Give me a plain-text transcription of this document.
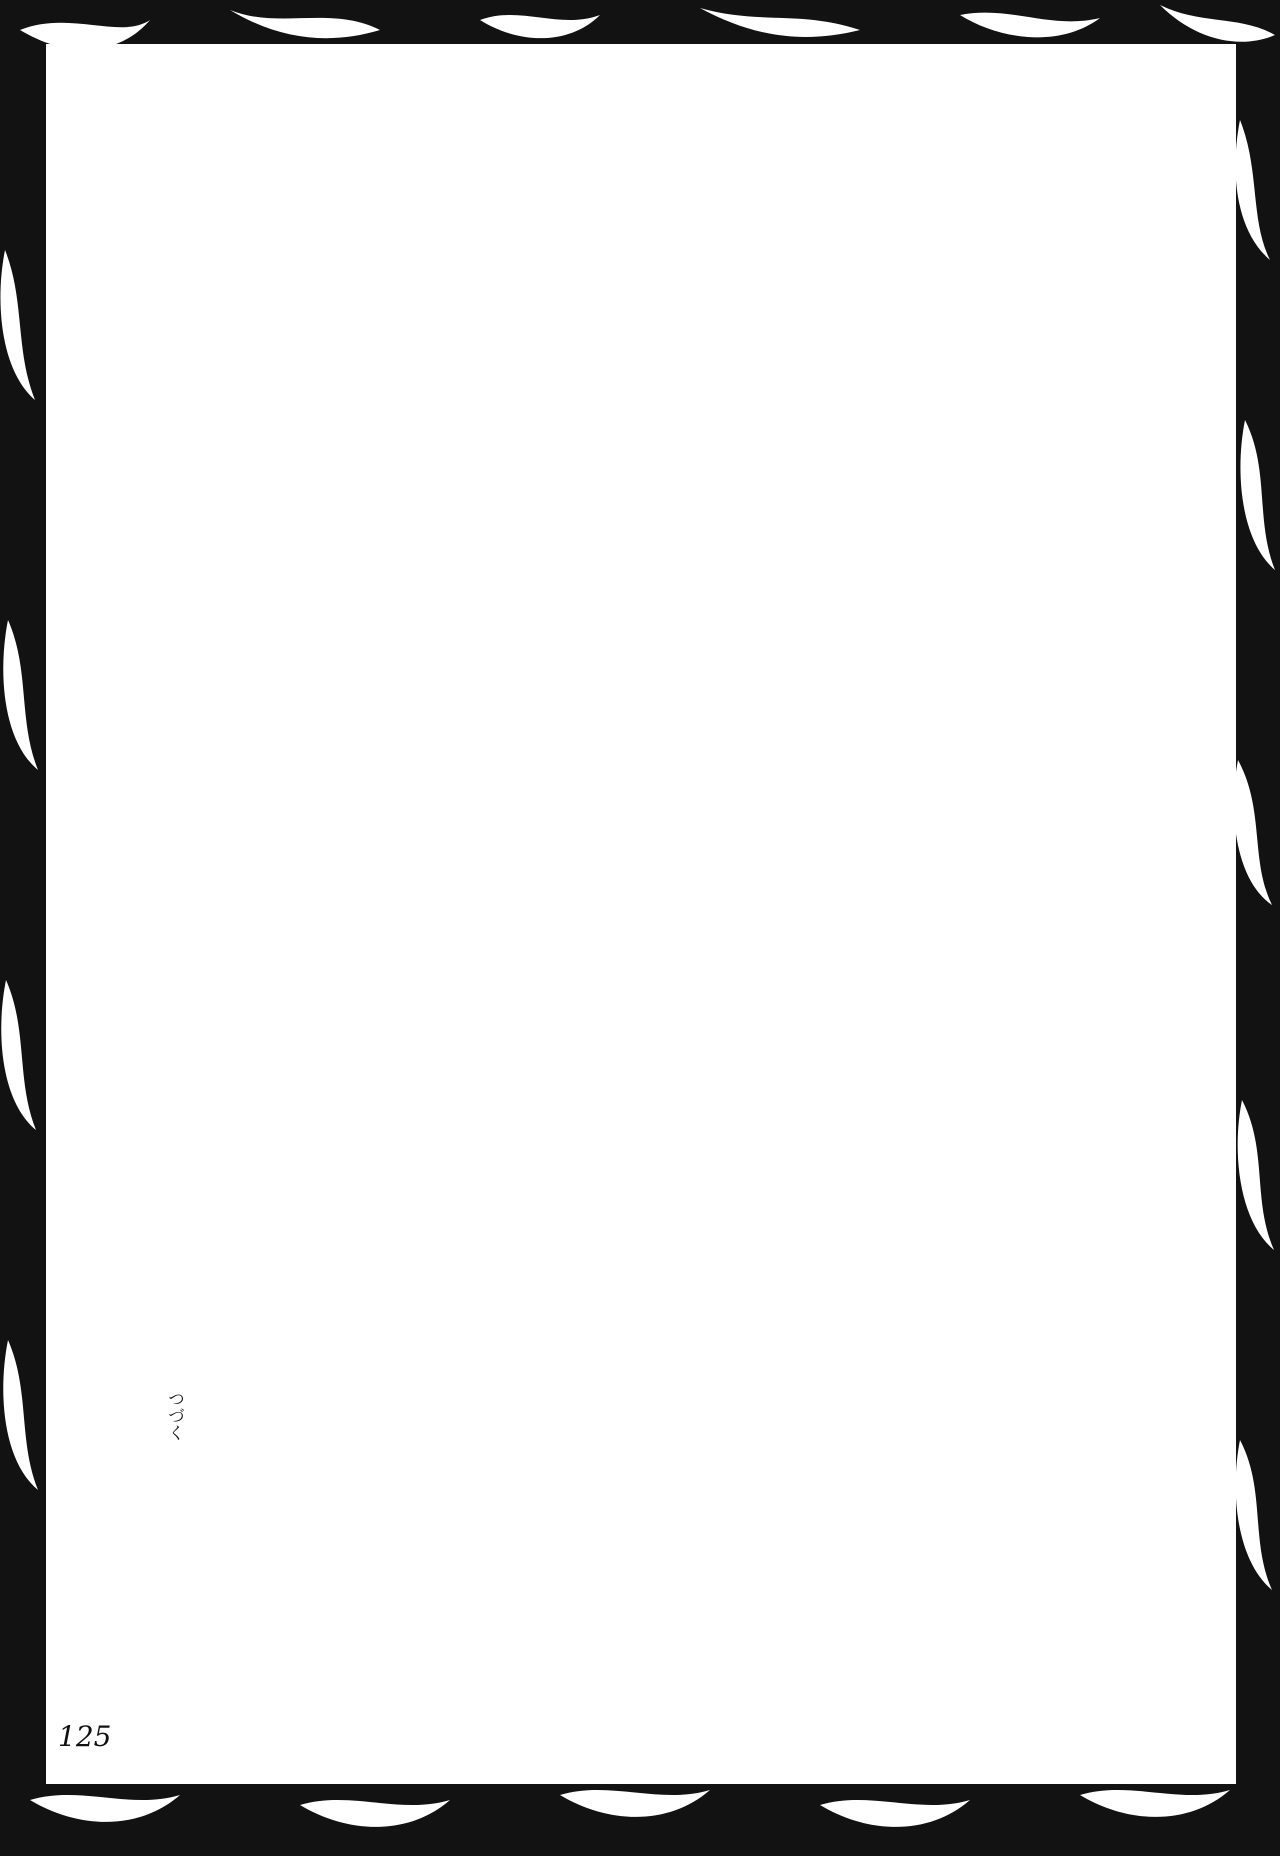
つづく
125
